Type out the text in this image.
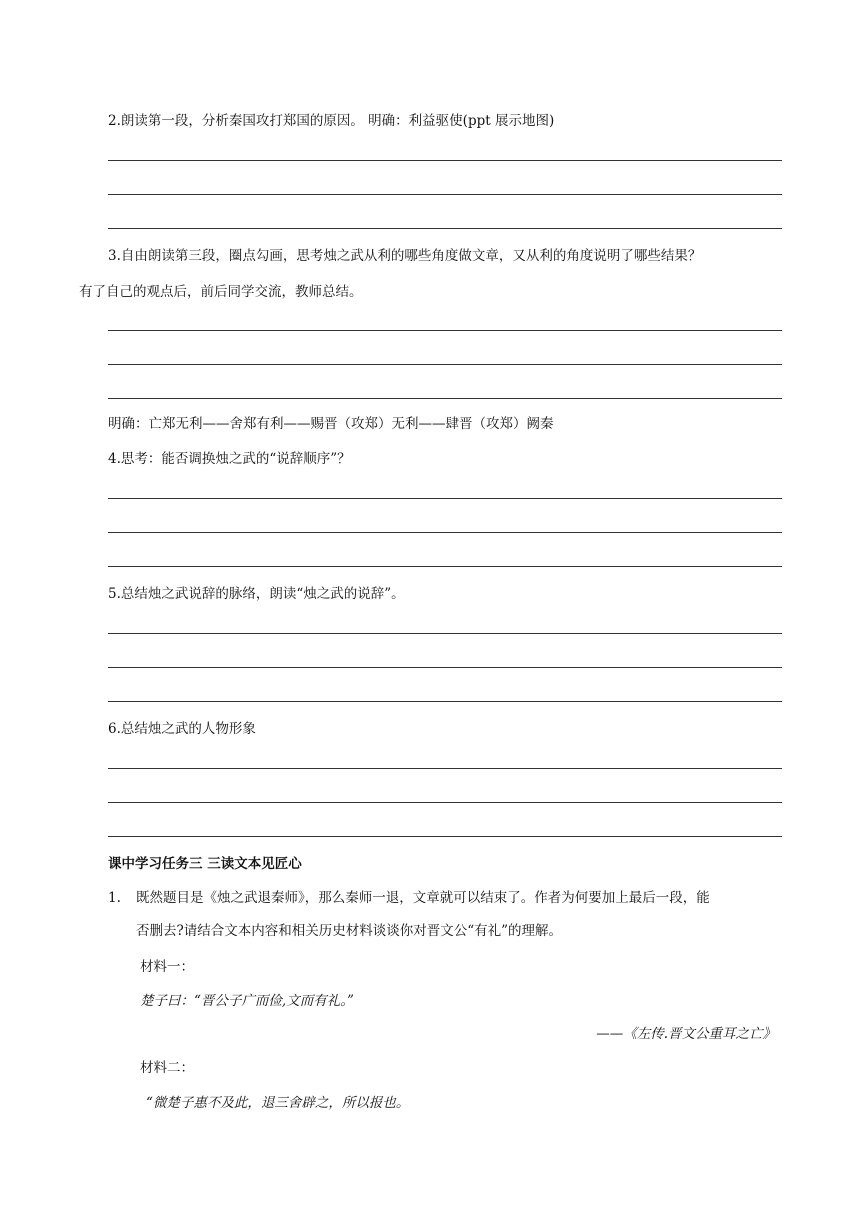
2.朗读第一段，分析秦国攻打郑国的原因。 明确：利益驱使(ppt 展示地图)
3.自由朗读第三段，圈点勾画，思考烛之武从利的哪些角度做文章，又从利的角度说明了哪些结果？
有了自己的观点后，前后同学交流，教师总结。
明确：亡郑无利——舍郑有利——赐晋（攻郑）无利——肆晋（攻郑）阙秦
4.思考：能否调换烛之武的“说辞顺序”？
5.总结烛之武说辞的脉络，朗读“烛之武的说辞”。
6.总结烛之武的人物形象
课中学习任务三 三读文本见匠心
1. 既然题目是《烛之武退秦师》，那么秦师一退，文章就可以结束了。作者为何要加上最后一段，能
否删去?请结合文本内容和相关历史材料谈谈你对晋文公“有礼”的理解。
材料一：
楚子曰：“晋公子广而俭,文而有礼。”
——《左传.晋文公重耳之亡》
材料二：
“微楚子惠不及此，退三舍辟之，所以报也。
